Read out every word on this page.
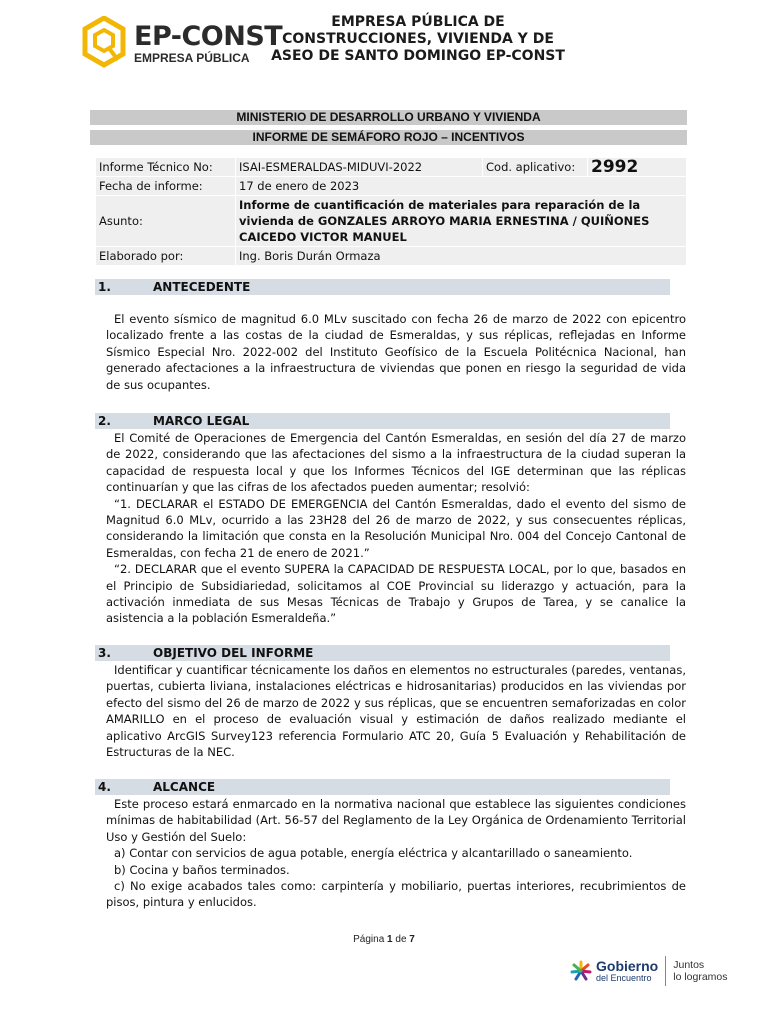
EP-CONST
EMPRESA PÚBLICA
EMPRESA PÚBLICA DE
CONSTRUCCIONES, VIVIENDA Y DE
ASEO DE SANTO DOMINGO EP-CONST
MINISTERIO DE DESARROLLO URBANO Y VIVIENDA
INFORME DE SEMÁFORO ROJO – INCENTIVOS
Informe Técnico No:	ISAI-ESMERALDAS-MIDUVI-2022	Cod. aplicativo:	2992
Fecha de informe:	17 de enero de 2023		
Asunto:	Informe de cuantificación de materiales para reparación de la vivienda de GONZALES ARROYO MARIA ERNESTINA / QUIÑONES CAICEDO VICTOR MANUEL		
Elaborado por:	Ing. Boris Durán Ormaza		
1.	ANTECEDENTE

El evento sísmico de magnitud 6.0 MLv suscitado con fecha 26 de marzo de 2022 con epicentro localizado frente a las costas de la ciudad de Esmeraldas, y sus réplicas, reflejadas en Informe Sísmico Especial Nro. 2022-002 del Instituto Geofísico de la Escuela Politécnica Nacional, han generado afectaciones a la infraestructura de viviendas que ponen en riesgo la seguridad de vida de sus ocupantes.

2.	MARCO LEGAL

El Comité de Operaciones de Emergencia del Cantón Esmeraldas, en sesión del día 27 de marzo de 2022, considerando que las afectaciones del sismo a la infraestructura de la ciudad superan la capacidad de respuesta local y que los Informes Técnicos del IGE determinan que las réplicas continuarían y que las cifras de los afectados pueden aumentar; resolvió:

“1. DECLARAR el ESTADO DE EMERGENCIA del Cantón Esmeraldas, dado el evento del sismo de Magnitud 6.0 MLv, ocurrido a las 23H28 del 26 de marzo de 2022, y sus consecuentes réplicas, considerando la limitación que consta en la Resolución Municipal Nro. 004 del Concejo Cantonal de Esmeraldas, con fecha 21 de enero de 2021.”

“2. DECLARAR que el evento SUPERA la CAPACIDAD DE RESPUESTA LOCAL, por lo que, basados en el Principio de Subsidiariedad, solicitamos al COE Provincial su liderazgo y actuación, para la activación inmediata de sus Mesas Técnicas de Trabajo y Grupos de Tarea, y se canalice la asistencia a la población Esmeraldeña.”

3.	OBJETIVO DEL INFORME

Identificar y cuantificar técnicamente los daños en elementos no estructurales (paredes, ventanas, puertas, cubierta liviana, instalaciones eléctricas e hidrosanitarias) producidos en las viviendas por efecto del sismo del 26 de marzo de 2022 y sus réplicas, que se encuentren semaforizadas en color AMARILLO en el proceso de evaluación visual y estimación de daños realizado mediante el aplicativo ArcGIS Survey123 referencia Formulario ATC 20, Guía 5 Evaluación y Rehabilitación de Estructuras de la NEC.

4.	ALCANCE

Este proceso estará enmarcado en la normativa nacional que establece las siguientes condiciones mínimas de habitabilidad (Art. 56-57 del Reglamento de la Ley Orgánica de Ordenamiento Territorial Uso y Gestión del Suelo:

a) Contar con servicios de agua potable, energía eléctrica y alcantarillado o saneamiento.

b) Cocina y baños terminados.

c) No exige acabados tales como: carpintería y mobiliario, puertas interiores, recubrimientos de pisos, pintura y enlucidos.

Página 1 de 7
Gobierno
del Encuentro
Juntos
lo logramos
